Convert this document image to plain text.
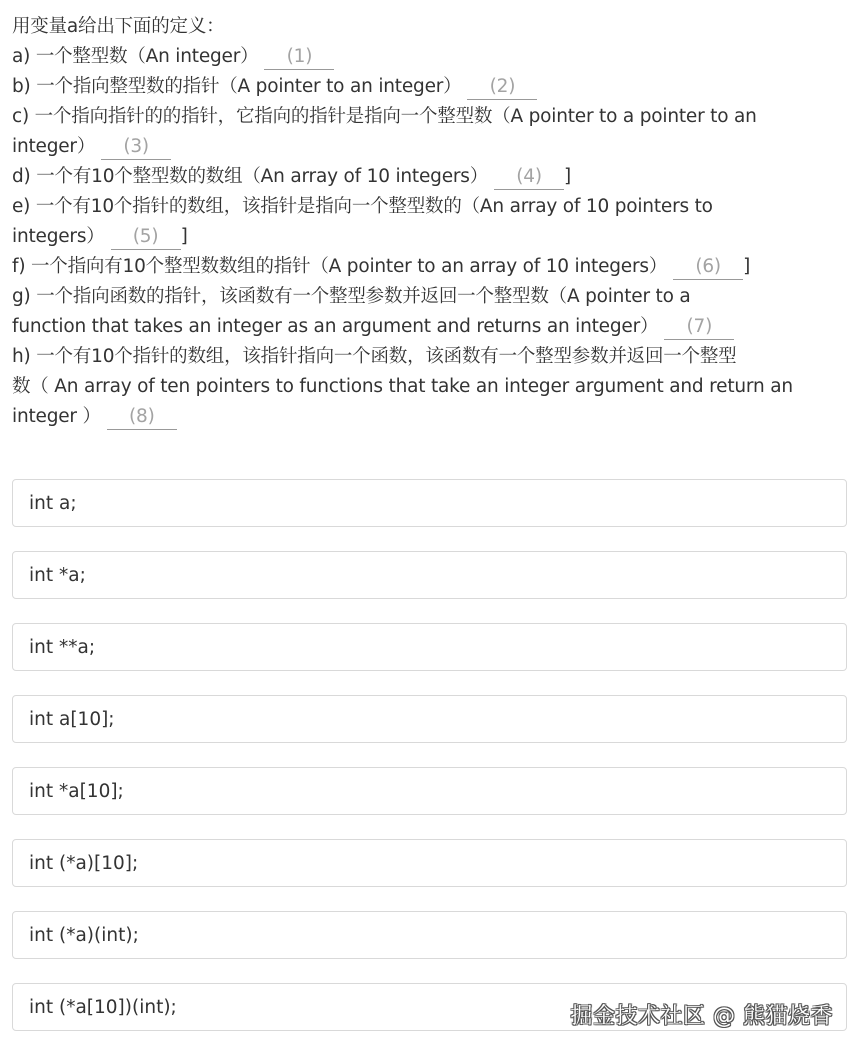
用变量a给出下面的定义：
a) 一个整型数（An integer） (1)
b) 一个指向整型数的指针（A pointer to an integer） (2)
c) 一个指向指针的的指针，它指向的指针是指向一个整型数（A pointer to a pointer to an
integer） (3)
d) 一个有10个整型数的数组（An array of 10 integers） (4) ]
e) 一个有10个指针的数组，该指针是指向一个整型数的（An array of 10 pointers to
integers） (5) ]
f) 一个指向有10个整型数数组的指针（A pointer to an array of 10 integers） (6) ]
g) 一个指向函数的指针，该函数有一个整型参数并返回一个整型数（A pointer to a
function that takes an integer as an argument and returns an integer） (7)
h) 一个有10个指针的数组，该指针指向一个函数，该函数有一个整型参数并返回一个整型
数（ An array of ten pointers to functions that take an integer argument and return an
integer ） (8)
int a;
int *a;
int **a;
int a[10];
int *a[10];
int (*a)[10];
int (*a)(int);
int (*a[10])(int);	掘金技术社区 @ 熊猫烧香
